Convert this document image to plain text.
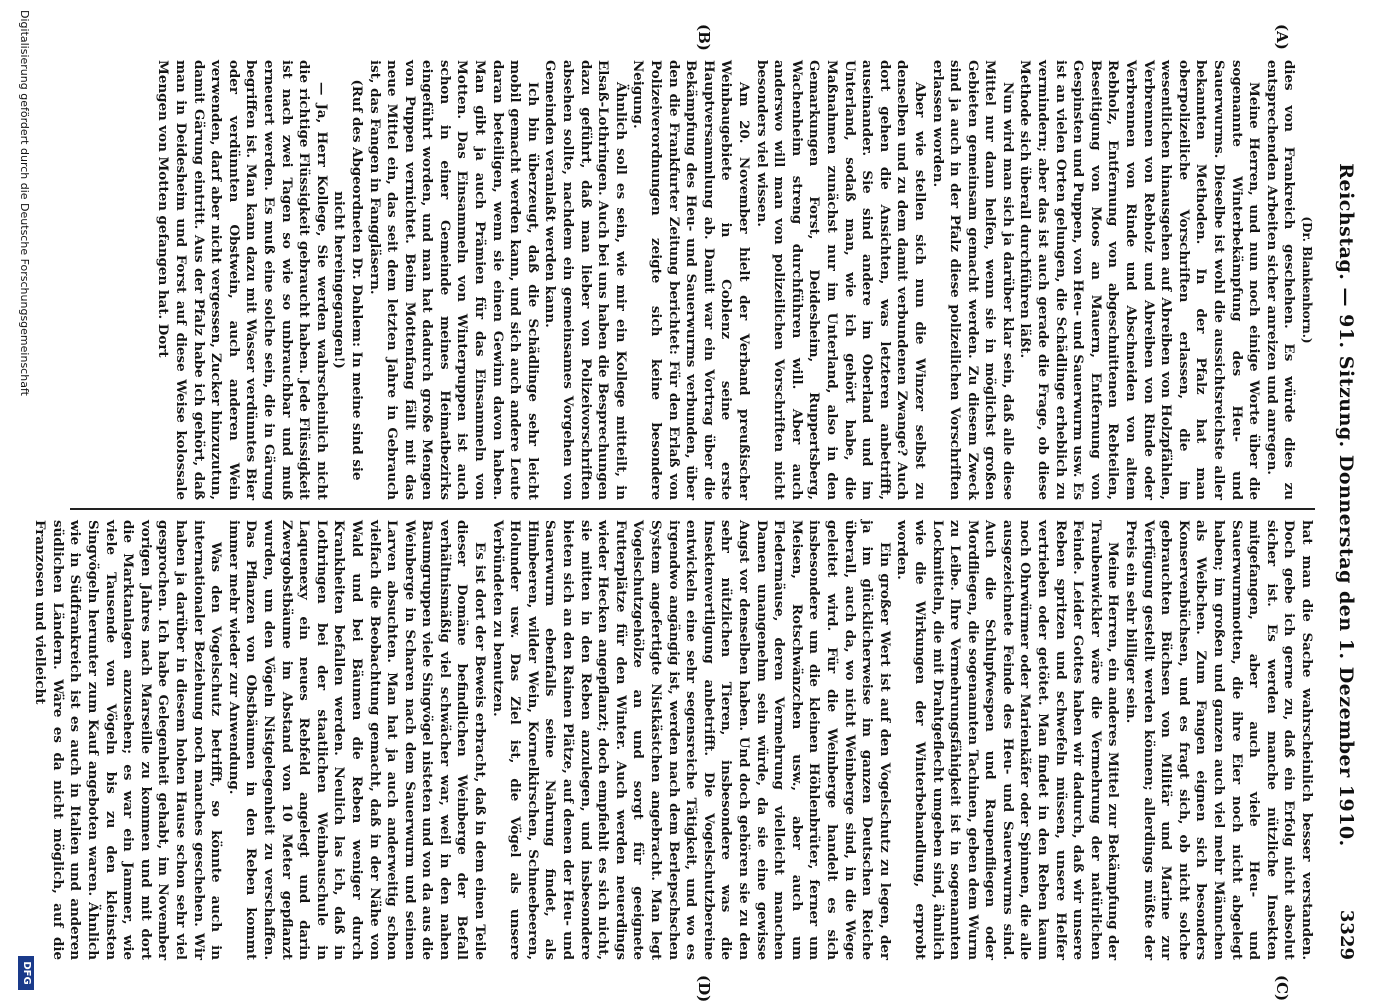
Reichstag. — 91. Sitzung. Donnerstag den 1. Dezember 1910.
3329
(A)
(B)
(C)
(D)

(Dr. Blankenhorn.)

dies von Frankreich geschehen. Es würde dies zu entsprechenden Arbeiten sicher anreizen und anregen.

Meine Herren, und nun noch einige Worte über die sogenannte Winterbekämpfung des Heu- und Sauerwurms. Dieselbe ist wohl die aussichtsreichste aller bekannten Methoden. In der Pfalz hat man oberpolizeiliche Vorschriften erlassen, die im wesentlichen hinausgehen auf Abreiben von Holzpfählen, Verbrennen von Rebholz und Abreiben von Rinde oder Verbrennen von Rinde und Abschneiden von altem Rebholz, Entfernung von abgeschnittenen Rebteilen, Beseitigung von Moos an Mauern, Entfernung von Gespinsten und Puppen, von Heu- und Sauerwurm usw. Es ist an vielen Orten gelungen, die Schädlinge erheblich zu vermindern; aber das ist auch gerade die Frage, ob diese Methode sich überall durchführen läßt.

Nun wird man sich ja darüber klar sein, daß alle diese Mittel nur dann helfen, wenn sie in möglichst großen Gebieten gemeinsam gemacht werden. Zu diesem Zweck sind ja auch in der Pfalz diese polizeilichen Vorschriften erlassen worden.

Aber wie stellen sich nun die Winzer selbst zu denselben und zu dem damit verbundenen Zwange? Auch dort gehen die Ansichten, was letzteren anbetrifft, auseinander. Sie sind andere im Oberland und im Unterland, sodaß man, wie ich gehört habe, die Maßnahmen zunächst nur im Unterland, also in den Gemarkungen Forst, Deidesheim, Ruppertsberg, Wachenheim streng durchführen will. Aber auch anderswo will man von polizeilichen Vorschriften nicht besonders viel wissen.

Am 20. November hielt der Verband preußischer Weinbaugebiete in Coblenz seine erste Hauptversammlung ab. Damit war ein Vortrag über die Bekämpfung des Heu- und Sauerwurms verbunden, über den die Frankfurter Zeitung berichtet: Für den Erlaß von Polizeiverordnungen zeigte sich keine besondere Neigung.

Ähnlich soll es sein, wie mir ein Kollege mitteilt, in Elsaß-Lothringen. Auch bei uns haben die Besprechungen dazu geführt, daß man lieber von Polizeivorschriften absehen sollte, nachdem ein gemeinsames Vorgehen von Gemeinden veranlaßt werden kann.

Ich bin überzeugt, daß die Schädlinge sehr leicht mobil gemacht werden kann, und sich auch andere Leute daran beteiligen, wenn sie einen Gewinn davon haben. Man gibt ja auch Prämien für das Einsammeln von Motten. Das Einsammeln von Winterpuppen ist auch schon in einer Gemeinde meines Heimatbezirks eingeführt worden, und man hat dadurch große Mengen von Puppen vernichtet. Beim Mottenfang fällt mit das neue Mittel ein, das seit dem letzten Jahre in Gebrauch ist, das Fangen in Fanggläsern.

(Ruf des Abgeordneten Dr. Dahlem: In meine sind sie nicht hereingegangen!)

— Ja, Herr Kollege, Sie werden wahrscheinlich nicht die richtige Flüssigkeit gebraucht haben. Jede Flüssigkeit ist nach zwei Tagen so wie so unbrauchbar und muß erneuert werden. Es muß eine solche sein, die in Gärung begriffen ist. Man kann dazu mit Wasser verdünntes Bier oder verdünnten Obstwein, auch anderen Wein verwenden, darf aber nicht vergessen, Zucker hinzuzutun, damit Gärung eintritt. Aus der Pfalz habe ich gehört, daß man in Deidesheim und Forst auf diese Weise kolossale Mengen von Motten gefangen hat. Dort

hat man die Sache wahrscheinlich besser verstanden. Doch gebe ich gerne zu, daß ein Erfolg nicht absolut sicher ist. Es werden manche nützliche Insekten mitgefangen, aber auch viele Heu- und Sauerwurmmotten, die ihre Eier noch nicht abgelegt haben; im großen und ganzen auch viel mehr Männchen als Weibchen. Zum Fangen eignen sich besonders Konservenbüchsen, und es fragt sich, ob nicht solche gebrauchten Büchsen von Militär und Marine zur Verfügung gestellt werden können; allerdings müßte der Preis ein sehr billiger sein.

Meine Herren, ein anderes Mittel zur Bekämpfung der Traubenwickler wäre die Vermehrung der natürlichen Feinde. Leider Gottes haben wir dadurch, daß wir unsere Reben spritzen und schwefeln müssen, unsere Helfer vertrieben oder getötet. Man findet in den Reben kaum noch Ohrwürmer oder Marienkäfer oder Spinnen, die alle ausgezeichnete Feinde des Heu- und Sauerwurms sind. Auch die Schlupfwespen und Raupenfliegen oder Mordfliegen, die sogenannten Tachinen, geben dem Wurm zu Leibe. Ihre Vermehrungsfähigkeit ist in sogenannten Lockmitteln, die mit Drahtgeflecht umgeben sind, ähnlich wie die Wirkungen der Winterbehandlung, erprobt worden.

Ein großer Wert ist auf den Vogelschutz zu legen, der ja im glücklicherweise im ganzen Deutschen Reiche überall, auch da, wo nicht Weinberge sind, in die Wege geleitet wird. Für die Weinberge handelt es sich insbesondere um die kleinen Höhlenbrüter, ferner um Meisen, Rotschwänzchen usw., aber auch um Fledermäuse, deren Vermehrung vielleicht manchen Damen unangenehm sein würde, da sie eine gewisse Angst vor denselben haben. Und doch gehören sie zu den sehr nützlichen Tieren, insbesondere was die Insektenvertilgung anbetrifft. Die Vogelschutzbereine entwickeln eine sehr segensreiche Tätigkeit, und wo es irgendwo angängig ist, werden nach dem Berlepschschen System angefertigte Nistkästchen angebracht. Man legt Vogelschutzgehölze an und sorgt für geeignete Futterplätze für den Winter. Auch werden neuerdings wieder Hecken angepflanzt; doch empfiehlt es sich nicht, sie mitten in den Reben anzulegen, und insbesondere bieten sich an den Rainen Plätze, auf denen der Heu- und Sauerwurm ebenfalls seine Nahrung findet, als Himbeeren, wilder Wein, Kornelkirschen, Schneebeeren, Holunder usw. Das Ziel ist, die Vögel als unsere Verbündeten zu benutzen.

Es ist dort der Beweis erbracht, daß in dem einen Teile dieser Domäne befindlichen Weinberge der Befall verhältnismäßig viel schwächer war, weil in den nahen Baumgruppen viele Singvögel nisteten und von da aus die Weinberge in Scharen nach dem Sauerwurm und seinen Larven absuchten. Man hat ja auch anderweitig schon vielfach die Beobachtung gemacht, daß in der Nähe von Wald und bei Bäumen die Reben weniger durch Krankheiten befallen werden. Neulich las ich, daß in Lothringen bei der staatlichen Weinbauschule in Laquenexy ein neues Rebfeld angelegt und darin Zwergobstbäume im Abstand von 10 Meter gepflanzt wurden, um den Vögeln Nistgelegenheit zu verschaffen. Das Pflanzen von Obstbäumen in den Reben kommt immer mehr wieder zur Anwendung.

Was den Vogelschutz betrifft, so könnte auch in internationaler Beziehung noch manches geschehen. Wir haben ja darüber in diesem hohen Hause schon sehr viel gesprochen. Ich habe Gelegenheit gehabt, im November vorigen Jahres nach Marseille zu kommen und mit dort die Marktanlagen anzusehen; es war ein Jammer, wie viele Tausende von Vögeln bis zu den kleinsten Singvögeln herunter zum Kauf angeboten waren. Ähnlich wie in Südfrankreich ist es auch in Italien und anderen südlichen Ländern. Wäre es da nicht möglich, auf die Franzosen und vielleicht

Digitalisierung gefördert durch die Deutsche Forschungsgemeinschaft
DFG
